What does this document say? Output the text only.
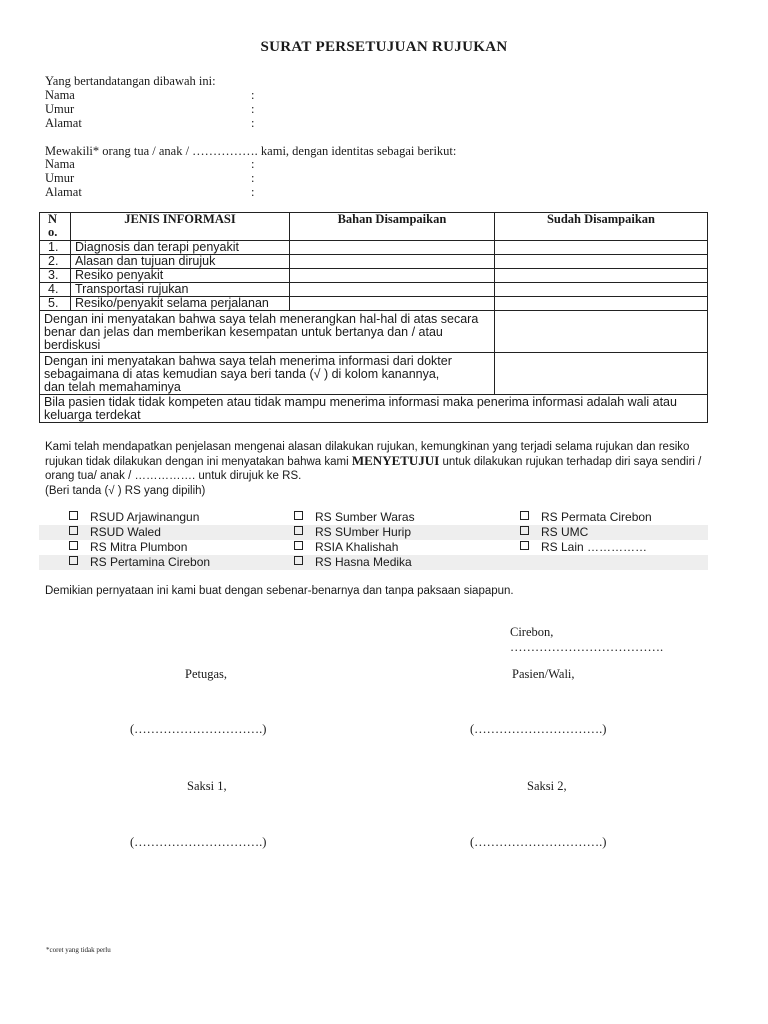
SURAT PERSETUJUAN RUJUKAN
Yang bertandatangan dibawah ini:
Nama	:
Umur	:
Alamat	:
Mewakili* orang tua / anak / ……………. kami, dengan identitas sebagai berikut:
Nama	:
Umur	:
Alamat	:
No.	JENIS INFORMASI	Bahan Disampaikan	Sudah Disampaikan
1.	Diagnosis dan terapi penyakit		
2.	Alasan dan tujuan dirujuk		
3.	Resiko penyakit		
4.	Transportasi rujukan		
5.	Resiko/penyakit selama perjalanan		

Dengan ini menyatakan bahwa saya telah menerangkan hal-hal di atas secara benar dan jelas dan memberikan kesempatan untuk bertanya dan / atau berdiskusi			

Dengan ini menyatakan bahwa saya telah menerima informasi dari dokter sebagaimana di atas kemudian saya beri tanda (√ ) di kolom kanannya, dan telah memahaminya			

Bila pasien tidak tidak kompeten atau tidak mampu menerima informasi maka penerima informasi adalah wali atau keluarga terdekat			
Kami telah mendapatkan penjelasan mengenai alasan dilakukan rujukan, kemungkinan yang terjadi selama rujukan dan resiko rujukan tidak dilakukan dengan ini menyatakan bahwa kami MENYETUJUI untuk dilakukan rujukan terhadap diri saya sendiri / orang tua/ anak / ……………. untuk dirujuk ke RS.
(Beri tanda (√ ) RS yang dipilih)
RSUD Arjawinangun	RS Sumber Waras	RS Permata Cirebon
RSUD Waled	RS SUmber Hurip	RS UMC
RS Mitra Plumbon	RSIA Khalishah	RS Lain ……………
RS Pertamina Cirebon	RS Hasna Medika
Demikian pernyataan ini kami buat dengan sebenar-benarnya dan tanpa paksaan siapapun.
Cirebon,
……………………………….
Petugas,	Pasien/Wali,
(………………………….)	(………………………….)
Saksi 1,	Saksi 2,
(………………………….)	(………………………….)
*coret yang tidak perlu
